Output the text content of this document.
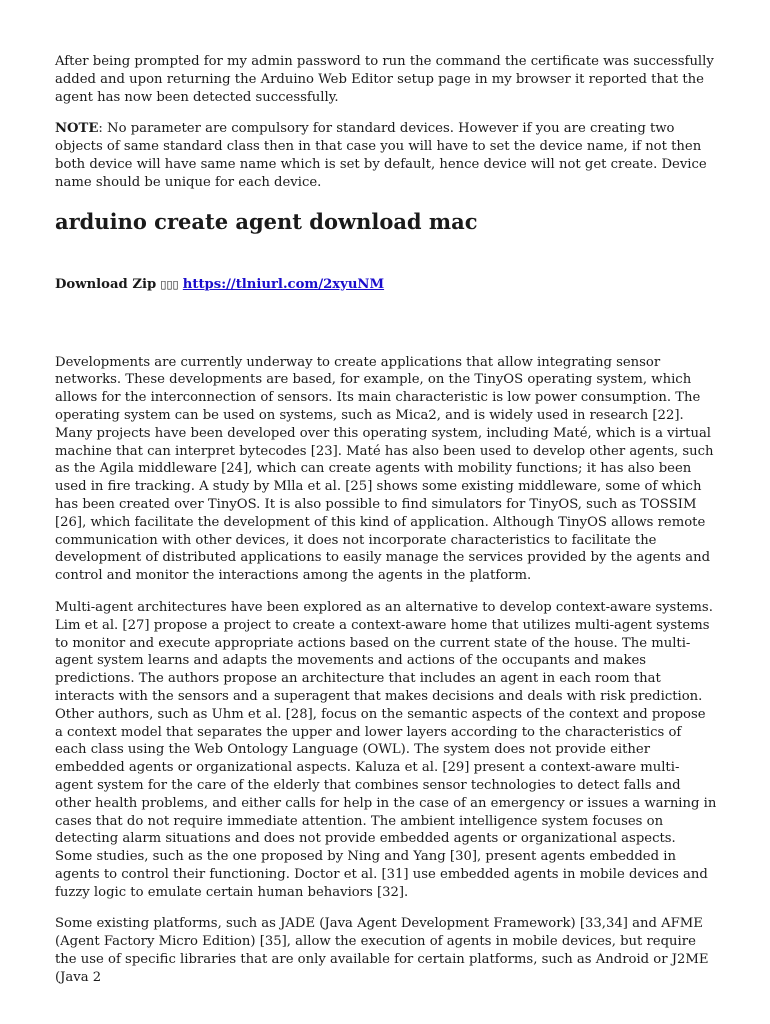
After being prompted for my admin password to run the command the certificate was successfully added and upon returning the Arduino Web Editor setup page in my browser it reported that the agent has now been detected successfully.

NOTE: No parameter are compulsory for standard devices. However if you are creating two objects of same standard class then in that case you will have to set the device name, if not then both device will have same name which is set by default, hence device will not get create. Device name should be unique for each device.

arduino create agent download mac
Download Zip ▯▯▯ https://tlniurl.com/2xyuNM

Developments are currently underway to create applications that allow integrating sensor networks. These developments are based, for example, on the TinyOS operating system, which allows for the interconnection of sensors. Its main characteristic is low power consumption. The operating system can be used on systems, such as Mica2, and is widely used in research [22]. Many projects have been developed over this operating system, including Maté, which is a virtual machine that can interpret bytecodes [23]. Maté has also been used to develop other agents, such as the Agila middleware [24], which can create agents with mobility functions; it has also been used in fire tracking. A study by Mlla et al. [25] shows some existing middleware, some of which has been created over TinyOS. It is also possible to find simulators for TinyOS, such as TOSSIM [26], which facilitate the development of this kind of application. Although TinyOS allows remote communication with other devices, it does not incorporate characteristics to facilitate the development of distributed applications to easily manage the services provided by the agents and control and monitor the interactions among the agents in the platform.

Multi-agent architectures have been explored as an alternative to develop context-aware systems. Lim et al. [27] propose a project to create a context-aware home that utilizes multi-agent systems to monitor and execute appropriate actions based on the current state of the house. The multi-agent system learns and adapts the movements and actions of the occupants and makes predictions. The authors propose an architecture that includes an agent in each room that interacts with the sensors and a superagent that makes decisions and deals with risk prediction. Other authors, such as Uhm et al. [28], focus on the semantic aspects of the context and propose a context model that separates the upper and lower layers according to the characteristics of each class using the Web Ontology Language (OWL). The system does not provide either embedded agents or organizational aspects. Kaluza et al. [29] present a context-aware multi-agent system for the care of the elderly that combines sensor technologies to detect falls and other health problems, and either calls for help in the case of an emergency or issues a warning in cases that do not require immediate attention. The ambient intelligence system focuses on detecting alarm situations and does not provide embedded agents or organizational aspects. Some studies, such as the one proposed by Ning and Yang [30], present agents embedded in agents to control their functioning. Doctor et al. [31] use embedded agents in mobile devices and fuzzy logic to emulate certain human behaviors [32].

Some existing platforms, such as JADE (Java Agent Development Framework) [33,34] and AFME (Agent Factory Micro Edition) [35], allow the execution of agents in mobile devices, but require the use of specific libraries that are only available for certain platforms, such as Android or J2ME (Java 2
